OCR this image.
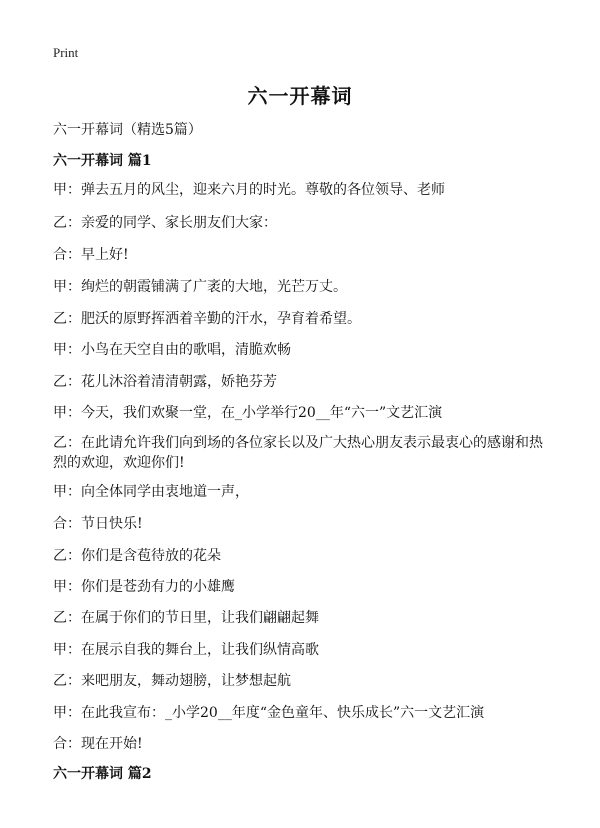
Print
六一开幕词
六一开幕词（精选5篇）
六一开幕词 篇1
甲：弹去五月的风尘，迎来六月的时光。尊敬的各位领导、老师
乙：亲爱的同学、家长朋友们大家：
合：早上好!
甲：绚烂的朝霞铺满了广袤的大地，光芒万丈。
乙：肥沃的原野挥洒着辛勤的汗水，孕育着希望。
甲：小鸟在天空自由的歌唱，清脆欢畅
乙：花儿沐浴着清清朝露，娇艳芬芳
甲：今天，我们欢聚一堂，在_小学举行20__年“六一”文艺汇演
乙：在此请允许我们向到场的各位家长以及广大热心朋友表示最衷心的感谢和热烈的欢迎，欢迎你们!
甲：向全体同学由衷地道一声，
合：节日快乐!
乙：你们是含苞待放的花朵
甲：你们是苍劲有力的小雄鹰
乙：在属于你们的节日里，让我们翩翩起舞
甲：在展示自我的舞台上，让我们纵情高歌
乙：来吧朋友，舞动翅膀，让梦想起航
甲：在此我宣布：_小学20__年度“金色童年、快乐成长”六一文艺汇演
合：现在开始!
六一开幕词 篇2
